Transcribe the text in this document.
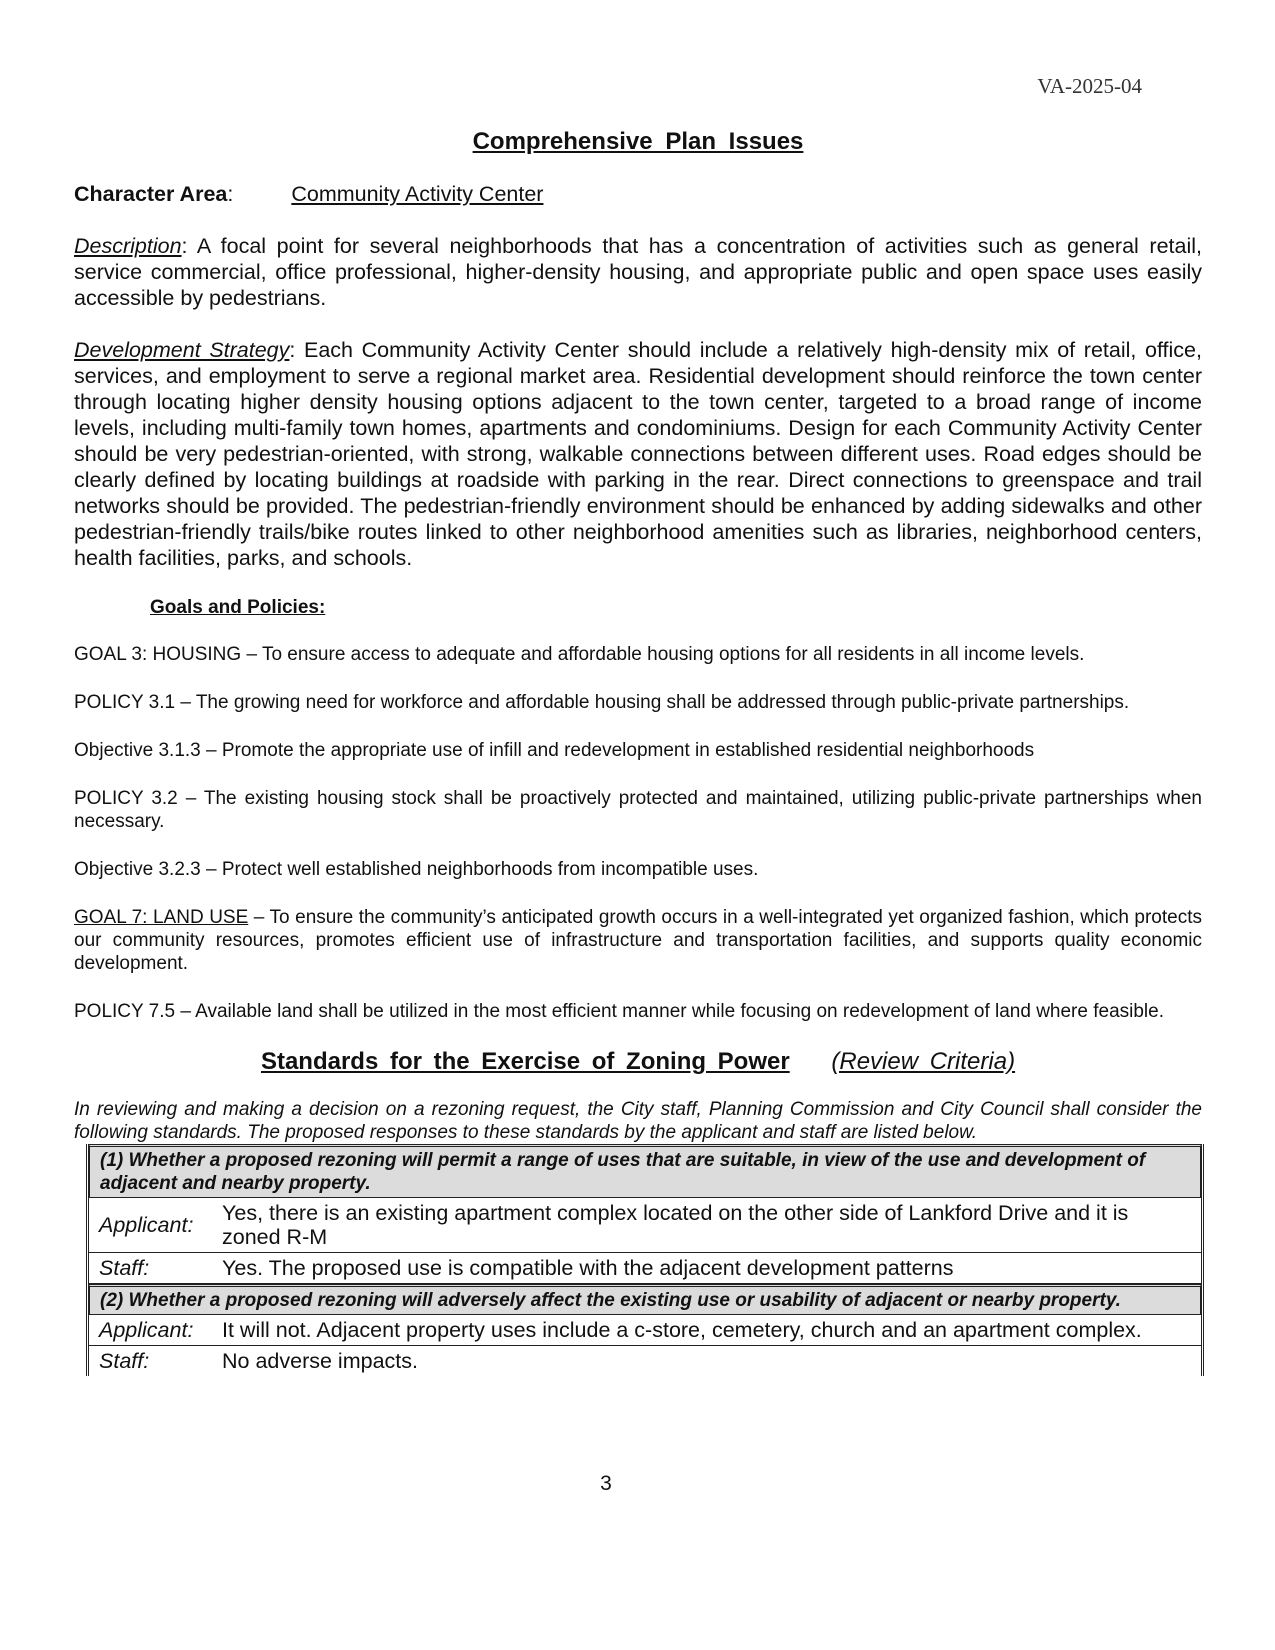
VA-2025-04
Comprehensive Plan Issues
Character Area:	Community Activity Center

Description: A focal point for several neighborhoods that has a concentration of activities such as general retail, service commercial, office professional, higher-density housing, and appropriate public and open space uses easily accessible by pedestrians.

Development Strategy: Each Community Activity Center should include a relatively high-density mix of retail, office, services, and employment to serve a regional market area. Residential development should reinforce the town center through locating higher density housing options adjacent to the town center, targeted to a broad range of income levels, including multi-family town homes, apartments and condominiums. Design for each Community Activity Center should be very pedestrian-oriented, with strong, walkable connections between different uses. Road edges should be clearly defined by locating buildings at roadside with parking in the rear. Direct connections to greenspace and trail networks should be provided. The pedestrian-friendly environment should be enhanced by adding sidewalks and other pedestrian-friendly trails/bike routes linked to other neighborhood amenities such as libraries, neighborhood centers, health facilities, parks, and schools.

Goals and Policies:

GOAL 3: HOUSING – To ensure access to adequate and affordable housing options for all residents in all income levels.

POLICY 3.1 – The growing need for workforce and affordable housing shall be addressed through public-private partnerships.

Objective 3.1.3 – Promote the appropriate use of infill and redevelopment in established residential neighborhoods

POLICY 3.2 – The existing housing stock shall be proactively protected and maintained, utilizing public-private partnerships when necessary.

Objective 3.2.3 – Protect well established neighborhoods from incompatible uses.

GOAL 7: LAND USE – To ensure the community’s anticipated growth occurs in a well-integrated yet organized fashion, which protects our community resources, promotes efficient use of infrastructure and transportation facilities, and supports quality economic development.

POLICY 7.5 – Available land shall be utilized in the most efficient manner while focusing on redevelopment of land where feasible.

Standards for the Exercise of Zoning Power (Review Criteria)

In reviewing and making a decision on a rezoning request, the City staff, Planning Commission and City Council shall consider the following standards. The proposed responses to these standards by the applicant and staff are listed below.

(1) Whether a proposed rezoning will permit a range of uses that are suitable, in view of the use and development of adjacent and nearby property.
Applicant:	Yes, there is an existing apartment complex located on the other side of Lankford Drive and it is zoned R-M
Staff:	Yes. The proposed use is compatible with the adjacent development patterns
(2) Whether a proposed rezoning will adversely affect the existing use or usability of adjacent or nearby property.
Applicant:	It will not. Adjacent property uses include a c-store, cemetery, church and an apartment complex.
Staff:	No adverse impacts.
3
